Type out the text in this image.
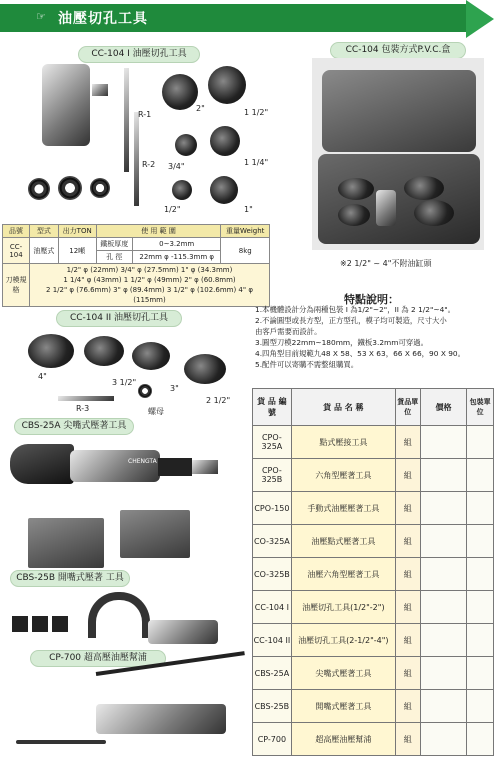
☞ 油壓切孔工具
CC-104 I 油壓切孔工具
R-1
R-2
2"	1 1/2"
3/4"	1 1/4"
1/2"	1"
CC-104 包裝方式P.V.C.盒
※2 1/2" ~ 4"不附油缸頭
品號	型式	出力TON	使 用 範 圍		重量Weight
CC-104	油壓式	12噸	鐵板厚度	0~3.2mm	8kg
			孔 徑	22mm φ -115.3mm φ	
刀模規格	1/2" φ (22mm) 3/4" φ (27.5mm) 1" φ (34.3mm)
1 1/4" φ (43mm) 1 1/2" φ (49mm) 2" φ (60.8mm)
2 1/2" φ (76.6mm) 3" φ (89.4mm) 3 1/2" φ (102.6mm) 4" φ (115mm)					特點說明：
1.本機體設計分為兩種包裝 I 為1/2"~2"，II 為 2 1/2"~4"。
2.不論圓型或長方型，正方型孔，模子均可製造，尺寸大小
由客戶需要而設計。
3.圓型刀模22mm~180mm，鐵板3.2mm可穿過。
4.四角型目前規範九48 X 58、53 X 63，66 X 66，90 X 90。
5.配件可以寄購不需整組購買。
CC-104 II 油壓切孔工具
4"
3 1/2"
3"
2 1/2"
R-3	螺母
CBS-25A 尖嘴式壓著工具
CHENGTA
CBS-25B 開嘴式壓著 工具
CP-700 超高壓油壓幫浦
貨 品 編 號	貨 品 名 稱	貨品單位	價格	包裝單位
CPO-325A	點式壓接工具	組		
CPO-325B	六角型壓著工具	組		
CPO-150	手動式油壓壓著工具	組		
CO-325A	油壓點式壓著工具	組		
CO-325B	油壓六角型壓著工具	組		
CC-104 I	油壓切孔工具(1/2"-2")	組		
CC-104 II	油壓切孔工具(2-1/2"-4")	組		
CBS-25A	尖嘴式壓著工具	組		
CBS-25B	開嘴式壓著工具	組		
CP-700	超高壓油壓幫浦	組		
